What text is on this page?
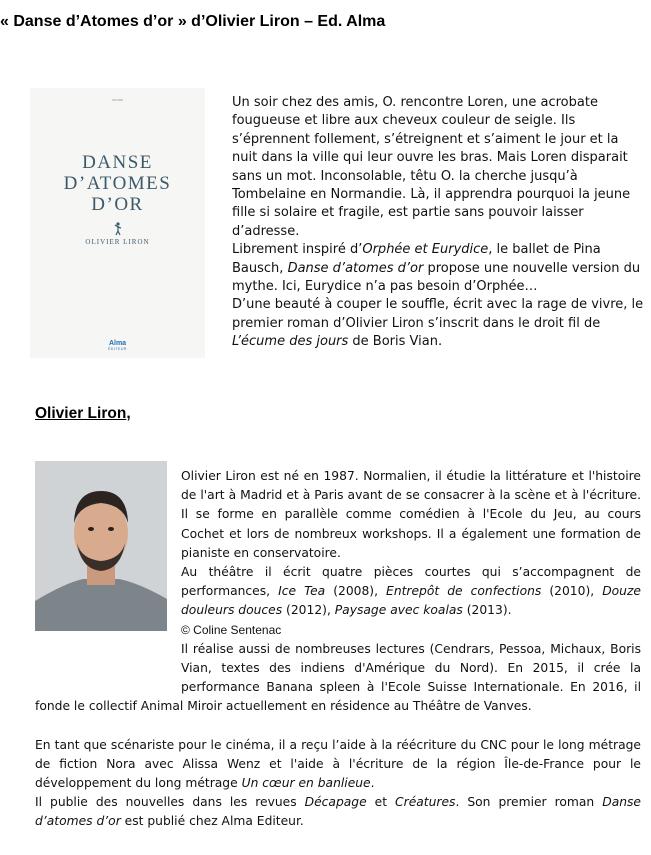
« Danse d’Atomes d’or » d’Olivier Liron – Ed. Alma
roman
DANSE
D’ATOMES
D’OR
OLIVIER LIRON
Alma
ÉDITEUR

Un soir chez des amis, O. rencontre Loren, une acrobate fougueuse et libre aux cheveux couleur de seigle. Ils s’éprennent follement, s’étreignent et s’aiment le jour et la nuit dans la ville qui leur ouvre les bras. Mais Loren disparait sans un mot. Inconsolable, têtu O. la cherche jusqu’à Tombelaine en Normandie. Là, il apprendra pourquoi la jeune fille si solaire et fragile, est partie sans pouvoir laisser d’adresse.

Librement inspiré d’Orphée et Eurydice, le ballet de Pina Bausch, Danse d’atomes d’or propose une nouvelle version du mythe. Ici, Eurydice n’a pas besoin d’Orphée…

D’une beauté à couper le souffle, écrit avec la rage de vivre, le premier roman d’Olivier Liron s’inscrit dans le droit fil de L’écume des jours de Boris Vian.

Olivier Liron,

Olivier Liron est né en 1987. Normalien, il étudie la littérature et l'histoire de l'art à Madrid et à Paris avant de se consacrer à la scène et à l'écriture. Il se forme en parallèle comme comédien à l'Ecole du Jeu, au cours Cochet et lors de nombreux workshops. Il a également une formation de pianiste en conservatoire.

Au théâtre il écrit quatre pièces courtes qui s’accompagnent de performances, Ice Tea (2008), Entrepôt de confections (2010), Douze douleurs douces (2012), Paysage avec koalas (2013).

© Coline Sentenac

Il réalise aussi de nombreuses lectures (Cendrars, Pessoa, Michaux, Boris Vian, textes des indiens d'Amérique du Nord). En 2015, il crée la performance Banana spleen à l'Ecole Suisse Internationale. En 2016, il fonde le collectif Animal Miroir actuellement en résidence au Théâtre de Vanves.

En tant que scénariste pour le cinéma, il a reçu l’aide à la réécriture du CNC pour le long métrage de fiction Nora avec Alissa Wenz et l'aide à l'écriture de la région Île-de-France pour le développement du long métrage Un cœur en banlieue.

Il publie des nouvelles dans les revues Décapage et Créatures. Son premier roman Danse d’atomes d’or est publié chez Alma Editeur.
